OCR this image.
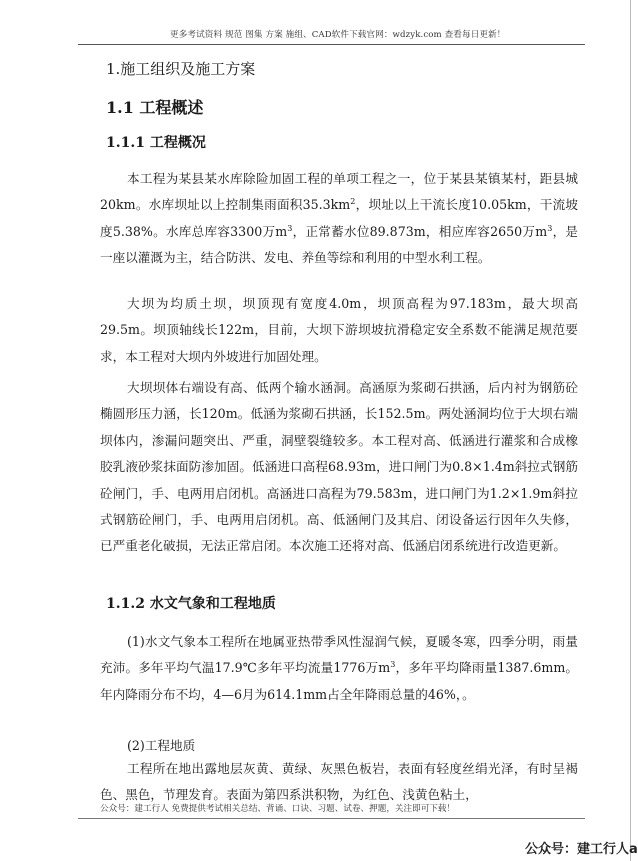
更多考试资料 规范 图集 方案 施组、CAD软件下载官网：wdzyk.com 查看每日更新！
1.施工组织及施工方案
1.1 工程概述
1.1.1 工程概况
本工程为某县某水库除险加固工程的单项工程之一，位于某县某镇某村，距县城20km。水库坝址以上控制集雨面积$35.3km^2$，坝址以上干流长度10.05km，干流坡度5.38%。水库总库容3300万$m^3$，正常蓄水位89.873m，相应库容2650万$m^3$，是一座以灌溉为主，结合防洪、发电、养鱼等综和利用的中型水利工程。
大坝为均质土坝，坝顶现有宽度4.0m，坝顶高程为97.183m，最大坝高29.5m。坝顶轴线长122m，目前，大坝下游坝坡抗滑稳定安全系数不能满足规范要求，本工程对大坝内外坡进行加固处理。
大坝坝体右端设有高、低两个输水涵洞。高涵原为浆砌石拱涵，后内衬为钢筋砼椭圆形压力涵，长120m。低涵为浆砌石拱涵，长152.5m。两处涵洞均位于大坝右端坝体内，渗漏问题突出、严重，洞壁裂缝较多。本工程对高、低涵进行灌浆和合成橡胶乳液砂浆抹面防渗加固。低涵进口高程68.93m，进口闸门为0.8×1.4m斜拉式钢筋砼闸门，手、电两用启闭机。高涵进口高程为79.583m，进口闸门为1.2×1.9m斜拉式钢筋砼闸门，手、电两用启闭机。高、低涵闸门及其启、闭设备运行因年久失修，已严重老化破损，无法正常启闭。本次施工还将对高、低涵启闭系统进行改造更新。
1.1.2 水文气象和工程地质
(1)水文气象本工程所在地属亚热带季风性湿润气候，夏暖冬寒，四季分明，雨量充沛。多年平均气温17.9℃多年平均流量1776万$m^3$，多年平均降雨量1387.6mm。年内降雨分布不均，4—6月为614.1mm占全年降雨总量的46%，。
(2)工程地质
工程所在地出露地层灰黄、黄绿、灰黑色板岩，表面有轻度丝绢光泽，有时呈褐色、黑色，节理发育。表面为第四系洪积物，为红色、浅黄色粘土，
公众号：建工行人 免费提供考试相关总结、背诵、口诀、习题、试卷、押题，关注即可下载！
公众号：建工行人a
